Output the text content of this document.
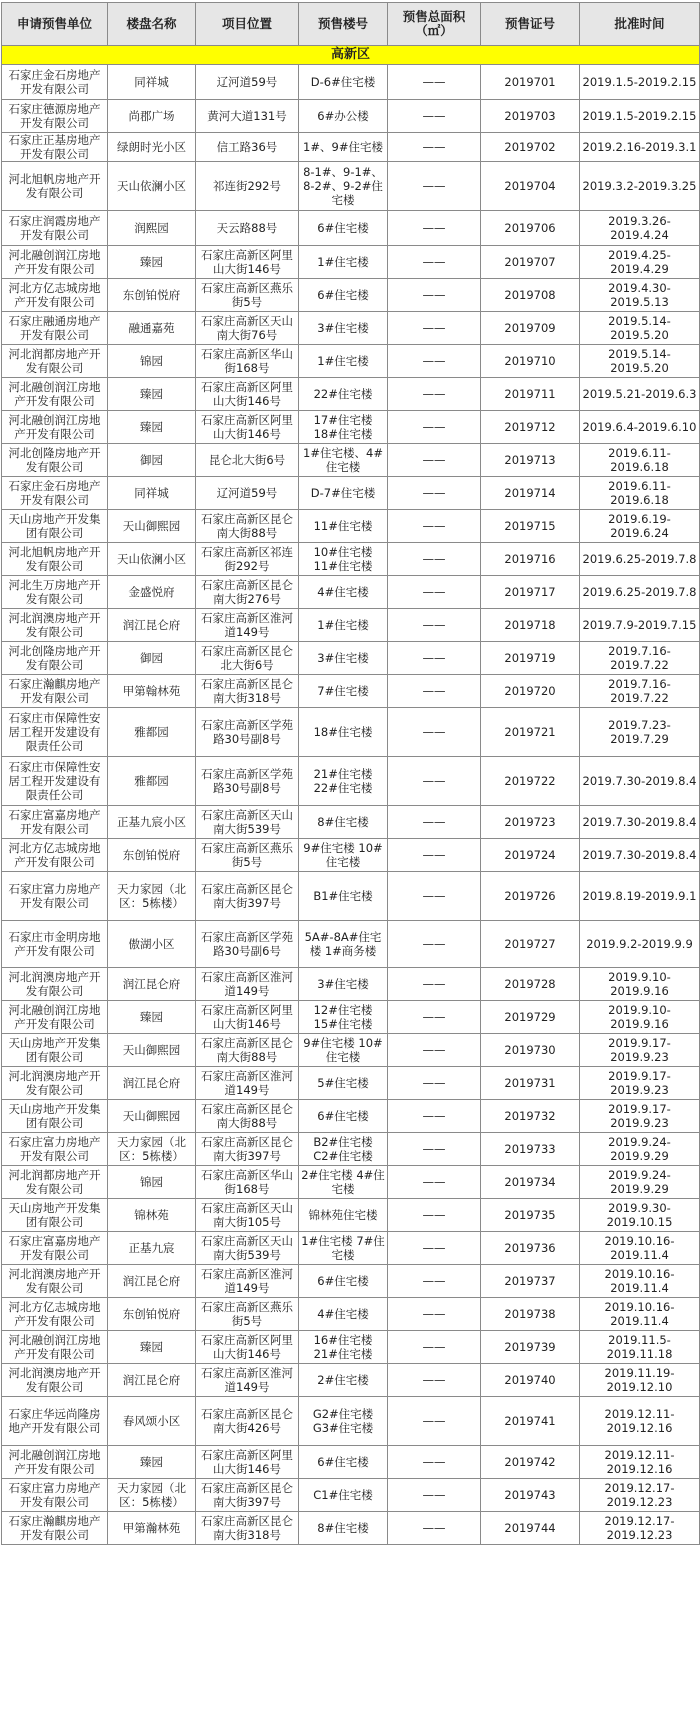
申请预售单位	楼盘名称	项目位置	预售楼号	预售总面积（㎡）	预售证号	批准时间
高新区						
石家庄金石房地产开发有限公司	同祥城	辽河道59号	D-6#住宅楼	——	2019701	2019.1.5-2019.2.15
石家庄德源房地产开发有限公司	尚郡广场	黄河大道131号	6#办公楼	——	2019703	2019.1.5-2019.2.15
石家庄正基房地产开发有限公司	绿朗时光小区	信工路36号	1#、9#住宅楼	——	2019702	2019.2.16-2019.3.1
河北旭帆房地产开发有限公司	天山依澜小区	祁连街292号	8-1#、9-1#、8-2#、9-2#住宅楼	——	2019704	2019.3.2-2019.3.25
石家庄润霞房地产开发有限公司	润熙园	天云路88号	6#住宅楼	——	2019706	2019.3.26-2019.4.24
河北融创润江房地产开发有限公司	臻园	石家庄高新区阿里山大街146号	1#住宅楼	——	2019707	2019.4.25-2019.4.29
河北方亿志城房地产开发有限公司	东创铂悦府	石家庄高新区燕乐街5号	6#住宅楼	——	2019708	2019.4.30-2019.5.13
石家庄融通房地产开发有限公司	融通嘉苑	石家庄高新区天山南大街76号	3#住宅楼	——	2019709	2019.5.14-2019.5.20
河北润都房地产开发有限公司	锦园	石家庄高新区华山街168号	1#住宅楼	——	2019710	2019.5.14-2019.5.20
河北融创润江房地产开发有限公司	臻园	石家庄高新区阿里山大街146号	22#住宅楼	——	2019711	2019.5.21-2019.6.3
河北融创润江房地产开发有限公司	臻园	石家庄高新区阿里山大街146号	17#住宅楼 18#住宅楼	——	2019712	2019.6.4-2019.6.10
河北创隆房地产开发有限公司	御园	昆仑北大街6号	1#住宅楼、4#住宅楼	——	2019713	2019.6.11-2019.6.18
石家庄金石房地产开发有限公司	同祥城	辽河道59号	D-7#住宅楼	——	2019714	2019.6.11-2019.6.18
天山房地产开发集团有限公司	天山御熙园	石家庄高新区昆仑南大街88号	11#住宅楼	——	2019715	2019.6.19-2019.6.24
河北旭帆房地产开发有限公司	天山依澜小区	石家庄高新区祁连街292号	10#住宅楼 11#住宅楼	——	2019716	2019.6.25-2019.7.8
河北生万房地产开发有限公司	金盛悦府	石家庄高新区昆仑南大街276号	4#住宅楼	——	2019717	2019.6.25-2019.7.8
河北润澳房地产开发有限公司	润江昆仑府	石家庄高新区淮河道149号	1#住宅楼	——	2019718	2019.7.9-2019.7.15
河北创隆房地产开发有限公司	御园	石家庄高新区昆仑北大街6号	3#住宅楼	——	2019719	2019.7.16-2019.7.22
石家庄瀚麒房地产开发有限公司	甲第翰林苑	石家庄高新区昆仑南大街318号	7#住宅楼	——	2019720	2019.7.16-2019.7.22
石家庄市保障性安居工程开发建设有限责任公司	雅都园	石家庄高新区学苑路30号副8号	18#住宅楼	——	2019721	2019.7.23-2019.7.29
石家庄市保障性安居工程开发建设有限责任公司	雅都园	石家庄高新区学苑路30号副8号	21#住宅楼 22#住宅楼	——	2019722	2019.7.30-2019.8.4
石家庄富嘉房地产开发有限公司	正基九宸小区	石家庄高新区天山南大街539号	8#住宅楼	——	2019723	2019.7.30-2019.8.4
河北方亿志城房地产开发有限公司	东创铂悦府	石家庄高新区燕乐街5号	9#住宅楼 10#住宅楼	——	2019724	2019.7.30-2019.8.4
石家庄富力房地产开发有限公司	天力家园（北区：5栋楼）	石家庄高新区昆仑南大街397号	B1#住宅楼	——	2019726	2019.8.19-2019.9.1
石家庄市金明房地产开发有限公司	傲湖小区	石家庄高新区学苑路30号副6号	5A#-8A#住宅楼 1#商务楼	——	2019727	2019.9.2-2019.9.9
河北润澳房地产开发有限公司	润江昆仑府	石家庄高新区淮河道149号	3#住宅楼	——	2019728	2019.9.10-2019.9.16
河北融创润江房地产开发有限公司	臻园	石家庄高新区阿里山大街146号	12#住宅楼 15#住宅楼	——	2019729	2019.9.10-2019.9.16
天山房地产开发集团有限公司	天山御熙园	石家庄高新区昆仑南大街88号	9#住宅楼 10#住宅楼	——	2019730	2019.9.17-2019.9.23
河北润澳房地产开发有限公司	润江昆仑府	石家庄高新区淮河道149号	5#住宅楼	——	2019731	2019.9.17-2019.9.23
天山房地产开发集团有限公司	天山御熙园	石家庄高新区昆仑南大街88号	6#住宅楼	——	2019732	2019.9.17-2019.9.23
石家庄富力房地产开发有限公司	天力家园（北区：5栋楼）	石家庄高新区昆仑南大街397号	B2#住宅楼 C2#住宅楼	——	2019733	2019.9.24-2019.9.29
河北润都房地产开发有限公司	锦园	石家庄高新区华山街168号	2#住宅楼 4#住宅楼	——	2019734	2019.9.24-2019.9.29
天山房地产开发集团有限公司	锦林苑	石家庄高新区天山南大街105号	锦林苑住宅楼	——	2019735	2019.9.30-2019.10.15
石家庄富嘉房地产开发有限公司	正基九宸	石家庄高新区天山南大街539号	1#住宅楼 7#住宅楼	——	2019736	2019.10.16-2019.11.4
河北润澳房地产开发有限公司	润江昆仑府	石家庄高新区淮河道149号	6#住宅楼	——	2019737	2019.10.16-2019.11.4
河北方亿志城房地产开发有限公司	东创铂悦府	石家庄高新区燕乐街5号	4#住宅楼	——	2019738	2019.10.16-2019.11.4
河北融创润江房地产开发有限公司	臻园	石家庄高新区阿里山大街146号	16#住宅楼 21#住宅楼	——	2019739	2019.11.5-2019.11.18
河北润澳房地产开发有限公司	润江昆仑府	石家庄高新区淮河道149号	2#住宅楼	——	2019740	2019.11.19-2019.12.10
石家庄华远尚隆房地产开发有限公司	春风颂小区	石家庄高新区昆仑南大街426号	G2#住宅楼 G3#住宅楼	——	2019741	2019.12.11-2019.12.16
河北融创润江房地产开发有限公司	臻园	石家庄高新区阿里山大街146号	6#住宅楼	——	2019742	2019.12.11-2019.12.16
石家庄富力房地产开发有限公司	天力家园（北区：5栋楼）	石家庄高新区昆仑南大街397号	C1#住宅楼	——	2019743	2019.12.17-2019.12.23
石家庄瀚麒房地产开发有限公司	甲第瀚林苑	石家庄高新区昆仑南大街318号	8#住宅楼	——	2019744	2019.12.17-2019.12.23
